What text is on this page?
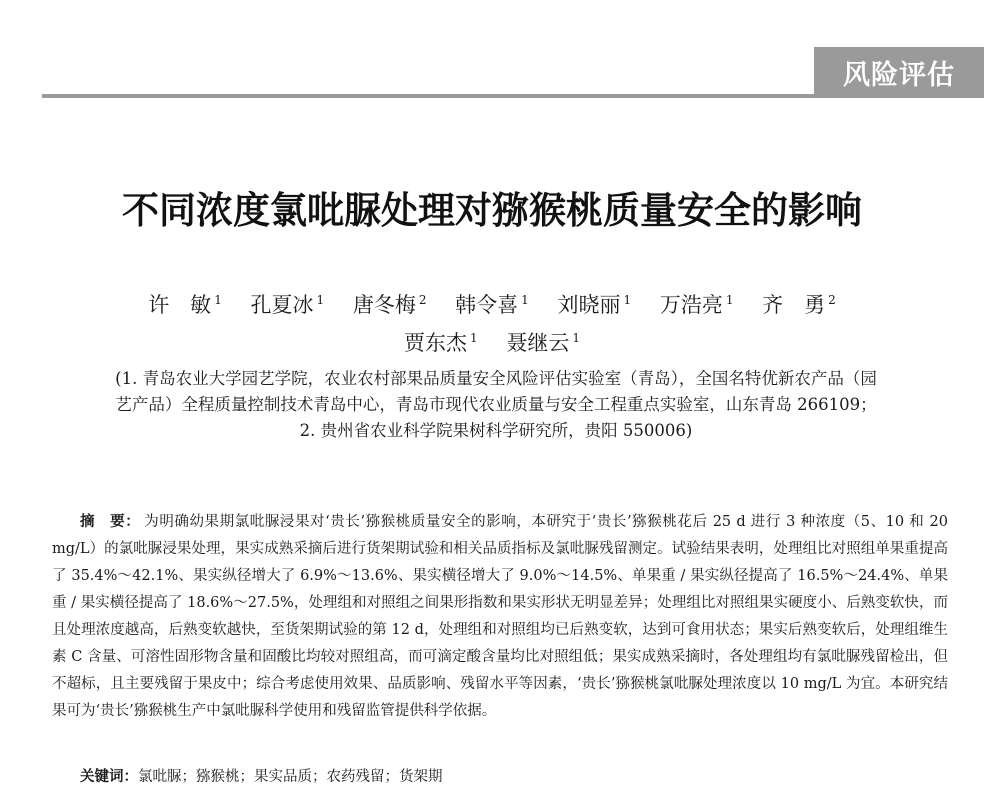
风险评估
不同浓度氯吡脲处理对猕猴桃质量安全的影响
许　敏 $^1$ 孔夏冰 $^1$ 唐冬梅 $^2$ 韩令喜 $^1$ 刘晓丽 $^1$ 万浩亮 $^1$ 齐　勇 $^2$
贾东杰 $^1$ 聂继云 $^1$
(1. 青岛农业大学园艺学院，农业农村部果品质量安全风险评估实验室（青岛），全国名特优新农产品（园
艺产品）全程质量控制技术青岛中心，青岛市现代农业质量与安全工程重点实验室，山东青岛 266109；
2. 贵州省农业科学院果树科学研究所，贵阳 550006)
摘　要： 为明确幼果期氯吡脲浸果对‘贵长’猕猴桃质量安全的影响，本研究于‘贵长’猕猴桃花后 25 d 进行 3 种浓度（5、10 和 20 mg/L）的氯吡脲浸果处理，果实成熟采摘后进行货架期试验和相关品质指标及氯吡脲残留测定。试验结果表明，处理组比对照组单果重提高了 35.4%～42.1%、果实纵径增大了 6.9%～13.6%、果实横径增大了 9.0%～14.5%、单果重 / 果实纵径提高了 16.5%～24.4%、单果重 / 果实横径提高了 18.6%～27.5%，处理组和对照组之间果形指数和果实形状无明显差异；处理组比对照组果实硬度小、后熟变软快，而且处理浓度越高，后熟变软越快，至货架期试验的第 12 d，处理组和对照组均已后熟变软，达到可食用状态；果实后熟变软后，处理组维生素 C 含量、可溶性固形物含量和固酸比均较对照组高，而可滴定酸含量均比对照组低；果实成熟采摘时，各处理组均有氯吡脲残留检出，但不超标，且主要残留于果皮中；综合考虑使用效果、品质影响、残留水平等因素，‘贵长’猕猴桃氯吡脲处理浓度以 10 mg/L 为宜。本研究结果可为‘贵长’猕猴桃生产中氯吡脲科学使用和残留监管提供科学依据。
关键词：氯吡脲；猕猴桃；果实品质；农药残留；货架期
